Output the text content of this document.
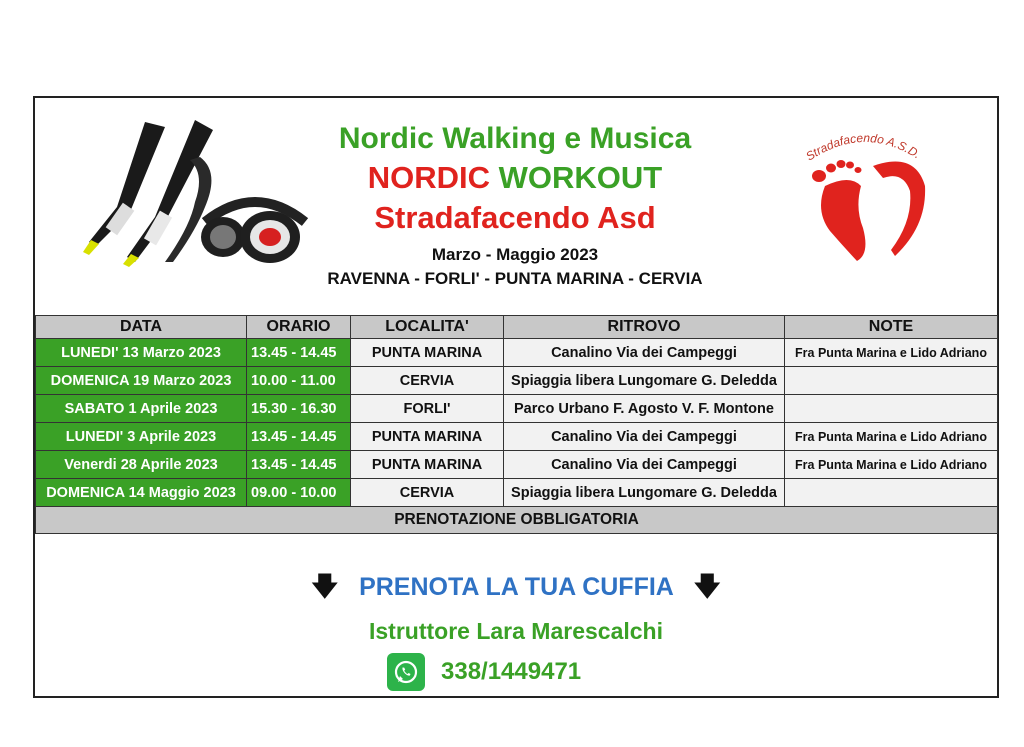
Nordic Walking e Musica
NORDIC WORKOUT
Stradafacendo Asd
Marzo - Maggio 2023
RAVENNA - FORLI' - PUNTA MARINA - CERVIA
Stradafacendo A.S.D.
DATA	ORARIO	LOCALITA'	RITROVO	NOTE
LUNEDI' 13 Marzo 2023	13.45 - 14.45	PUNTA MARINA	Canalino Via dei Campeggi	Fra Punta Marina e Lido Adriano
DOMENICA 19 Marzo 2023	10.00 - 11.00	CERVIA	Spiaggia libera Lungomare G. Deledda	
SABATO 1 Aprile 2023	15.30 - 16.30	FORLI'	Parco Urbano F. Agosto V. F. Montone	
LUNEDI' 3 Aprile 2023	13.45 - 14.45	PUNTA MARINA	Canalino Via dei Campeggi	Fra Punta Marina e Lido Adriano
Venerdi 28 Aprile 2023	13.45 - 14.45	PUNTA MARINA	Canalino Via dei Campeggi	Fra Punta Marina e Lido Adriano
DOMENICA 14 Maggio 2023	09.00 - 10.00	CERVIA	Spiaggia libera Lungomare G. Deledda	
PRENOTAZIONE OBBLIGATORIA				
🡇 PRENOTA LA TUA CUFFIA 🡇
Istruttore Lara Marescalchi
338/1449471
